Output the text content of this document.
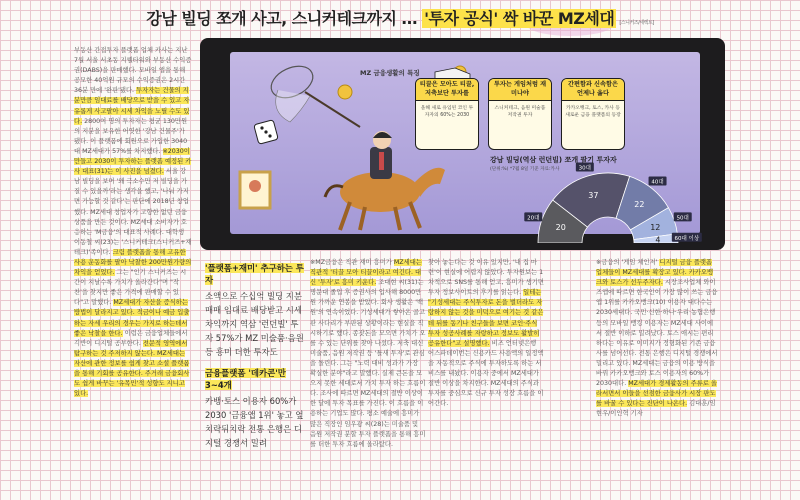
강남 빌딩 쪼개 사고, 스니커테크까지 … '투자 공식' 싹 바꾼 MZ세대 [스니커즈/세렉트]

부동산 간접투자 플랫폼 업체 카사는 지난 7월 서울 서초동 지웰타워와 부동산 수익증권(DABS)을 판매했다. 모바일 앱을 통해 공모한 40억원 규모의 수익증권은 2시간 36분 만에 '완판'됐다. 투자자는 건물의 지분만큼 임대료를 배당으로 받을 수 있고 자유롭게 사고팔아 시세 차익을 노릴 수도 있다. 2800여 명의 투자자는 평균 130만원의 지분을 보유한 어엿한 '강남 건물주'가 됐다. 이 플랫폼에 회원으로 가입한 3040대 MZ세대가 57%를 차지했다. ※2030이 만들고 2030이 투자하는 플랫폼 예정된 카사 대표(31)는 이 사진을 넘겼다. 서울 강남 빌딩을 보며 '왜 극소수만 저 빌딩을 가질 수 있을까'라는 생각을 했고, '나눠 가지면 가능할 것 같다'는 판단에 2018년 창업했다. MZ세대 창업자가 고향한 없던 금융 상품을 만든 것이다. MZ세대 소비자가 호응하는 'M금융'의 대표적 사례다. 대학생 이동철 씨(23)는 '스니커테크(스니커즈+재테크)'족이다. 크림 플랫폼을 통해 고유한 사용 운동화를 팔아 낙찰한 200만원가량의 차익을 얻었다. 그는 "인기 스니커즈는 시간이 지날수록 가치가 올라간다"며 "작찬'을 찾지만 좋은 가격에 판매할 수 있다"고 말했다. MZ세대가 자산을 증식하는 방법이 달라지고 있다. 적금이나 예금 입출하는 자세 우리의 경우는 가지로 하는데서 좋은 낙찰을 한다. 이럽은 금융업체들에서 긱반이 디지털 공부한다. 전문적 영역에서 탐구하는 것 주저하지 않는다. MZ세대는 자산에 관한 정보를 쉽게 찾고 소셜 플랫폼을 통해 기회를 공유한다. 주거래 금융회사도 쉽게 바꾸는 '유목민'적 성향도 지니고 있다.

'플랫폼+재미' 추구하는 투자
소액으로 수십억 빌딩 지분 매매 임대료 배당받고 시세차익까지 역삼 '런던빌' 투자 57%가 MZ 미술품·음원 등 흥미 더한 투자도
금융플랫폼 '데카콘'만 3~4개
카뱅·토스 이용자 60%가 2030 '금융앱 1위' 놓고 엎치락뒤치락 전통 은행은 디지털 경쟁서 밀려

※MZ금융은 직관 재미 흥미가 MZ세대는 직관적 '티끌 모아 티끌이라고 여긴다. 대신 '투자'로 흥미 키운다. 조대현 씨(31)는 명문대 졸업 후 증권사의 입사해 8000만원 가까운 연봉을 받았다. 회사 생활은 '백원'의 연속이었다. 기성세대가 쌓아온 골고판 사다리가 부판된 상황이라는 현실을 직시하기로 했다. 종잣돈을 모으면 가치가 오를 수 있는 단위를 찾아 나섰다. 저축 대신 미술품, 음원 저작권 등 '틀새 투자'로 관심을 돌린다. 그는 "노력 대비 성과가 가장 확실한 분야"라고 말했다. 실제 큰돈을 모으지 못한 세대로서 가치 투자 하는 흐름이다. 조사에 따르면 MZ세대의 절반 이상이 한 달에 투자 목표를 가진다. 이 흐름을 이용하는 기업도 많다. 평소 예술에 흥미가 많은 직장인 임우광 씨(28)는 미술품 및 음원 저작권 분할 투자 플랫폼을 통해 흥미를 더한 투자 흐름에 올라탔다.

찾아 놓는다는 것 이유 있지만, '내 집 마련'이 현실에 어렵지 않았다. 투자원보는 1차적으로 SNS를 통해 얻고, 흥미가 생기면 투자 정보사이트의 후기를 읽는다. 일테는 "기성세대는 주식투자로 돈을 벌더라도 자랑하지 않는 것을 미덕으로 여기는 것 같은데 뒤를 동기나 친구들을 보면 코인·주식 투자 성공사례를 자랑하고 정보도 활발히 공유한다"고 설명했다. 비즈 언터넷은행 어스파데이번는 신용카드 사용액의 일정액을 자동적으로 주식에 투자하도록 하는 서비스를 내놨다. 이용자 중에서 MZ세대가 절반 이상을 차지한다. MZ세대의 주식과 투자를 중심으로 신규 투자 성장 흐름을 이어간다.

※금융의 '게임 체인저' 디지털 금융 플랫폼 업체들이 MZ세대를 확장고 있다. 카카오뱅크와 토스가 선두주자다. 시장조사업체 와이즈앱에 따르면 한국인이 가장 많이 쓰는 금융 앱 1위를 카카오뱅크(10) 이용자 대다수는 2030세대다. 국민·신한·하나·우리·농협은행 등의 모바일 뱅킹 이용자는 MZ세대 사이에서 절반 이하로 밀려났다. 토스 애시는 편리하다는 이유로 이미지가 정형화된 기존 금융사를 넘어선다. 전통 은행은 디지털 경쟁에서 밀리고 있다. MZ세대는 금융의 이용 방식을 바꿔 카카오뱅크와 토스 이용자의 60%가 2030대다. MZ세대가 경제활동의 주류로 올라서면서 이들을 선점한 금융사가 시장 판도를 바꿀 수 있다는 진단이 나온다. 김대훈/임현우/이인혁 기자

MZ 금융생활의 특징
티끌은 모아도 티끌, 저축보단 투자를
올해 새로 유입된 코인 투자자의 60%는 2030
투자는 게임처럼 재미나야
스니커테크, 음원 미술품 저작권 투자
간편함과 신속함은 언제나 옳다
카카오뱅크, 토스, 카사 등 새로운 금융 플랫폼의 등장
20
20대
37
30대
22
40대
12
50대
4	60대 이상
강남 빌딩(역삼 런던빌) 쪼개 팔기 투자자
(단위:%) *7월 8일 기준 자료:카사
